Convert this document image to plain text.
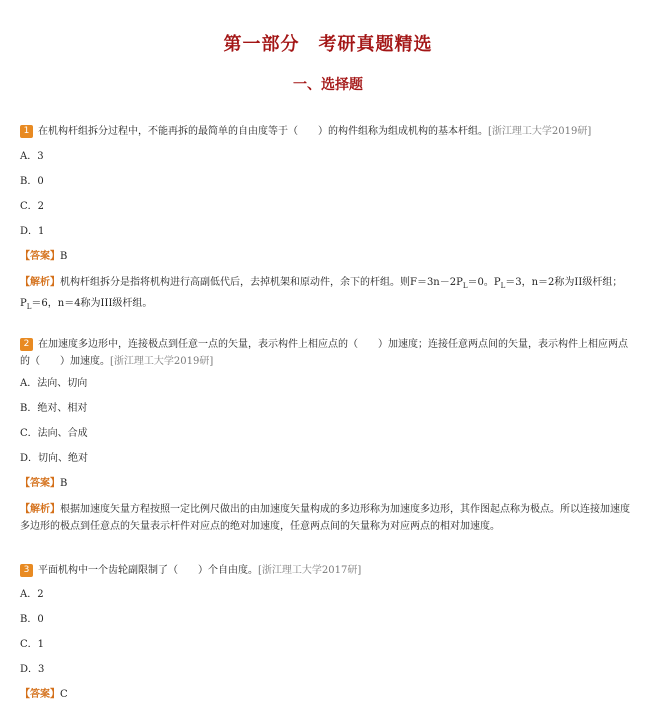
第一部分　考研真题精选
一、选择题
1 在机构杆组拆分过程中，不能再拆的最简单的自由度等于（　　）的构件组称为组成机构的基本杆组。[浙江理工大学2019研]
A．3
B．0
C．2
D．1
【答案】B
【解析】机构杆组拆分是指将机构进行高副低代后，去掉机架和原动件，余下的杆组。则$F=3n-2P_L=0$。$P_L=3$，n＝2称为II级杆组；$P_L=6$，n＝4称为III级杆组。
2 在加速度多边形中，连接极点到任意一点的矢量，表示构件上相应点的（　　）加速度；连接任意两点间的矢量，表示构件上相应两点的（　　）加速度。[浙江理工大学2019研]
A．法向、切向
B．绝对、相对
C．法向、合成
D．切向、绝对
【答案】B
【解析】根据加速度矢量方程按照一定比例尺做出的由加速度矢量构成的多边形称为加速度多边形，其作图起点称为极点。所以连接加速度多边形的极点到任意点的矢量表示杆件对应点的绝对加速度，任意两点间的矢量称为对应两点的相对加速度。
3 平面机构中一个齿轮副限制了（　　）个自由度。[浙江理工大学2017研]
A．2
B．0
C．1
D．3
【答案】C
